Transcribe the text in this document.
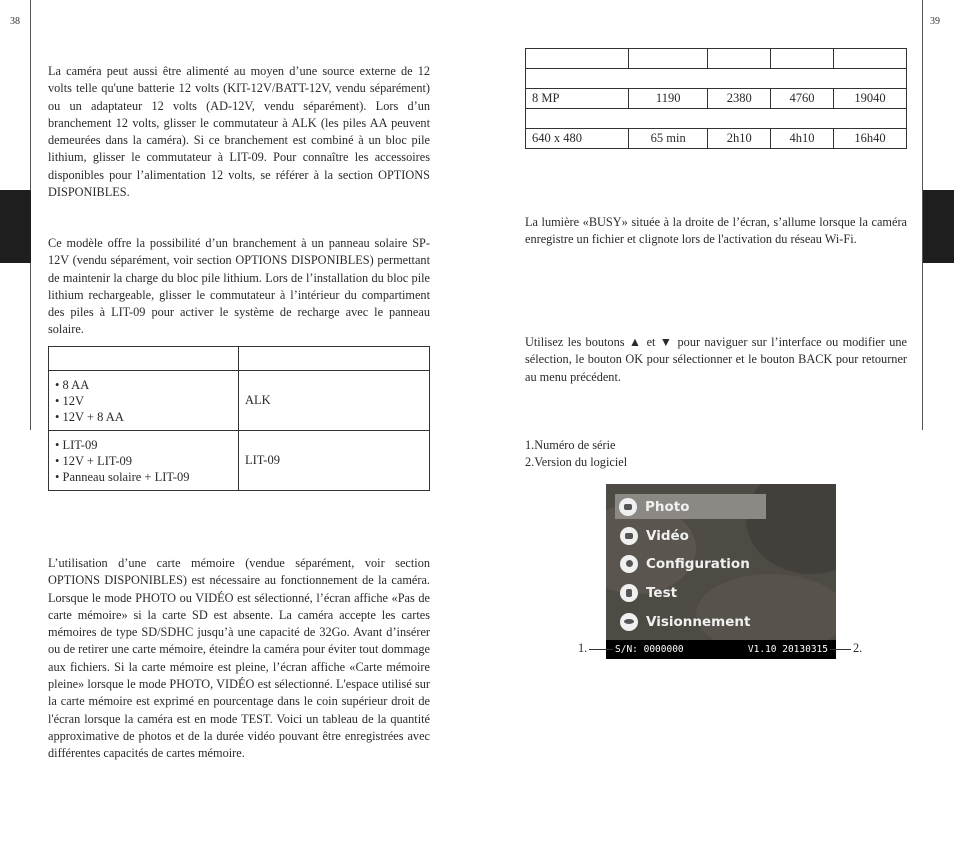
38	39

La caméra peut aussi être alimenté au moyen d’une source externe de 12 volts telle qu'une batterie 12 volts (KIT-12V/BATT-12V, vendu séparément) ou un adaptateur 12 volts (AD-12V, vendu séparément). Lors d’un branchement 12 volts, glisser le commutateur à ALK (les piles AA peuvent demeurées dans la caméra). Si ce branchement est combiné à un bloc pile lithium, glisser le commutateur à LIT-09. Pour connaître les accessoires disponibles pour l’alimentation 12 volts, se référer à la section OPTIONS DISPONIBLES.

Ce modèle offre la possibilité d’un branchement à un panneau solaire SP-12V (vendu séparément, voir section OPTIONS DISPONIBLES) permettant de maintenir la charge du bloc pile lithium. Lors de l’installation du bloc pile lithium rechargeable, glisser le commutateur à l’intérieur du compartiment des piles à LIT-09 pour activer le système de recharge avec le panneau solaire.

• 8 AA
• 12V
• 12V + 8 AA	ALK

• LIT-09
• 12V + LIT-09
• Panneau solaire + LIT-09	LIT-09

L’utilisation d’une carte mémoire (vendue séparément, voir section OPTIONS DISPONIBLES) est nécessaire au fonctionnement de la caméra. Lorsque le mode PHOTO ou VIDÉO est sélectionné, l’écran affiche «Pas de carte mémoire» si la carte SD est absente. La caméra accepte les cartes mémoires de type SD/SDHC jusqu’à une capacité de 32Go. Avant d’insérer ou de retirer une carte mémoire, éteindre la caméra pour éviter tout dommage aux fichiers. Si la carte mémoire est pleine, l’écran affiche «Carte mémoire pleine» lorsque le mode PHOTO, VIDÉO est sélectionné. L'espace utilisé sur la carte mémoire est exprimé en pourcentage dans le coin supérieur droit de l'écran lorsque la caméra est en mode TEST. Voici un tableau de la quantité approximative de photos et de la durée vidéo pouvant être enregistrées avec différentes capacités de cartes mémoire.

8 MP	1190	2380	4760	19040

640 x 480	65 min	2h10	4h10	16h40

La lumière «BUSY» située à la droite de l’écran, s’allume lorsque la caméra enregistre un fichier et clignote lors de l'activation du réseau Wi-Fi.

Utilisez les boutons ▲ et ▼ pour naviguer sur l’interface ou modifier une sélection, le bouton OK pour sélectionner et le bouton BACK pour retourner au menu précédent.

1.Numéro de série
2.Version du logiciel
Photo
Vidéo
Configuration
Test
Visionnement
S/N: 0000000	V1.10 20130315
1.	2.
